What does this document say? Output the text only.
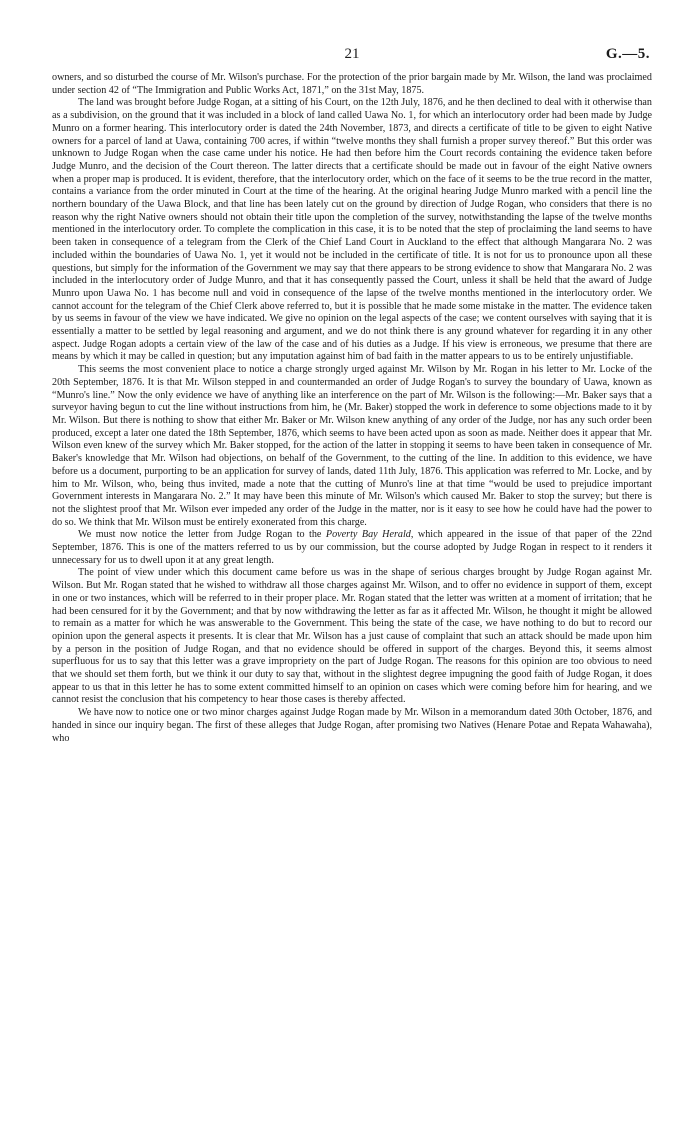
21	G.—5.

owners, and so disturbed the course of Mr. Wilson's purchase. For the protection of the prior bargain made by Mr. Wilson, the land was proclaimed under section 42 of “The Immigration and Public Works Act, 1871,” on the 31st May, 1875.

The land was brought before Judge Rogan, at a sitting of his Court, on the 12th July, 1876, and he then declined to deal with it otherwise than as a subdivision, on the ground that it was included in a block of land called Uawa No. 1, for which an interlocutory order had been made by Judge Munro on a former hearing. This interlocutory order is dated the 24th November, 1873, and directs a certificate of title to be given to eight Native owners for a parcel of land at Uawa, containing 700 acres, if within “twelve months they shall furnish a proper survey thereof.” But this order was unknown to Judge Rogan when the case came under his notice. He had then before him the Court records containing the evidence taken before Judge Munro, and the decision of the Court thereon. The latter directs that a certificate should be made out in favour of the eight Native owners when a proper map is produced. It is evident, therefore, that the interlocutory order, which on the face of it seems to be the true record in the matter, contains a variance from the order minuted in Court at the time of the hearing. At the original hearing Judge Munro marked with a pencil line the northern boundary of the Uawa Block, and that line has been lately cut on the ground by direction of Judge Rogan, who considers that there is no reason why the right Native owners should not obtain their title upon the completion of the survey, notwithstanding the lapse of the twelve months mentioned in the interlocutory order. To complete the complication in this case, it is to be noted that the step of proclaiming the land seems to have been taken in consequence of a telegram from the Clerk of the Chief Land Court in Auckland to the effect that although Mangarara No. 2 was included within the boundaries of Uawa No. 1, yet it would not be included in the certificate of title. It is not for us to pronounce upon all these questions, but simply for the information of the Government we may say that there appears to be strong evidence to show that Mangarara No. 2 was included in the interlocutory order of Judge Munro, and that it has consequently passed the Court, unless it shall be held that the award of Judge Munro upon Uawa No. 1 has become null and void in consequence of the lapse of the twelve months mentioned in the interlocutory order. We cannot account for the telegram of the Chief Clerk above referred to, but it is possible that he made some mistake in the matter. The evidence taken by us seems in favour of the view we have indicated. We give no opinion on the legal aspects of the case; we content ourselves with saying that it is essentially a matter to be settled by legal reasoning and argument, and we do not think there is any ground whatever for regarding it in any other aspect. Judge Rogan adopts a certain view of the law of the case and of his duties as a Judge. If his view is erroneous, we presume that there are means by which it may be called in question; but any imputation against him of bad faith in the matter appears to us to be entirely unjustifiable.

This seems the most convenient place to notice a charge strongly urged against Mr. Wilson by Mr. Rogan in his letter to Mr. Locke of the 20th September, 1876. It is that Mr. Wilson stepped in and countermanded an order of Judge Rogan's to survey the boundary of Uawa, known as “Munro's line.” Now the only evidence we have of anything like an interference on the part of Mr. Wilson is the following:—Mr. Baker says that a surveyor having begun to cut the line without instructions from him, he (Mr. Baker) stopped the work in deference to some objections made to it by Mr. Wilson. But there is nothing to show that either Mr. Baker or Mr. Wilson knew anything of any order of the Judge, nor has any such order been produced, except a later one dated the 18th September, 1876, which seems to have been acted upon as soon as made. Neither does it appear that Mr. Wilson even knew of the survey which Mr. Baker stopped, for the action of the latter in stopping it seems to have been taken in consequence of Mr. Baker's knowledge that Mr. Wilson had objections, on behalf of the Government, to the cutting of the line. In addition to this evidence, we have before us a document, purporting to be an application for survey of lands, dated 11th July, 1876. This application was referred to Mr. Locke, and by him to Mr. Wilson, who, being thus invited, made a note that the cutting of Munro's line at that time “would be used to prejudice important Government interests in Mangarara No. 2.” It may have been this minute of Mr. Wilson's which caused Mr. Baker to stop the survey; but there is not the slightest proof that Mr. Wilson ever impeded any order of the Judge in the matter, nor is it easy to see how he could have had the power to do so. We think that Mr. Wilson must be entirely exonerated from this charge.

We must now notice the letter from Judge Rogan to the Poverty Bay Herald, which appeared in the issue of that paper of the 22nd September, 1876. This is one of the matters referred to us by our commission, but the course adopted by Judge Rogan in respect to it renders it unnecessary for us to dwell upon it at any great length.

The point of view under which this document came before us was in the shape of serious charges brought by Judge Rogan against Mr. Wilson. But Mr. Rogan stated that he wished to withdraw all those charges against Mr. Wilson, and to offer no evidence in support of them, except in one or two instances, which will be referred to in their proper place. Mr. Rogan stated that the letter was written at a moment of irritation; that he had been censured for it by the Government; and that by now withdrawing the letter as far as it affected Mr. Wilson, he thought it might be allowed to remain as a matter for which he was answerable to the Government. This being the state of the case, we have nothing to do but to record our opinion upon the general aspects it presents. It is clear that Mr. Wilson has a just cause of complaint that such an attack should be made upon him by a person in the position of Judge Rogan, and that no evidence should be offered in support of the charges. Beyond this, it seems almost superfluous for us to say that this letter was a grave impropriety on the part of Judge Rogan. The reasons for this opinion are too obvious to need that we should set them forth, but we think it our duty to say that, without in the slightest degree impugning the good faith of Judge Rogan, it does appear to us that in this letter he has to some extent committed himself to an opinion on cases which were coming before him for hearing, and we cannot resist the conclusion that his competency to hear those cases is thereby affected.

We have now to notice one or two minor charges against Judge Rogan made by Mr. Wilson in a memorandum dated 30th October, 1876, and handed in since our inquiry began. The first of these alleges that Judge Rogan, after promising two Natives (Henare Potae and Repata Wahawaha), who
